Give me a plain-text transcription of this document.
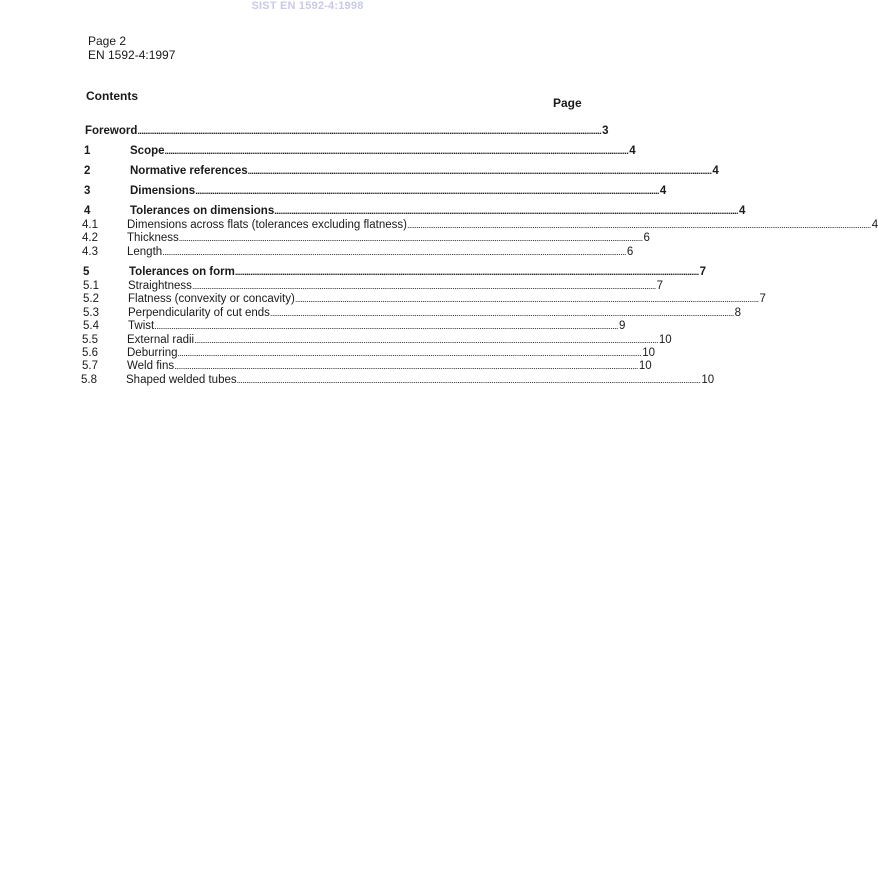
SIST EN 1592-4:1998
Page 2
EN 1592-4:1997
Contents	Page
Foreword .................................................................................................................................................................................................................................................... 3
1	Scope .................................................................................................................................................................................................................................................... 4
2	Normative references .................................................................................................................................................................................................................................................... 4
3	Dimensions .................................................................................................................................................................................................................................................... 4
4	Tolerances on dimensions .................................................................................................................................................................................................................................................... 4
4.1	Dimensions across flats (tolerances excluding flatness) .................................................................................................................................................................................................................................................... 4
4.2	Thickness .................................................................................................................................................................................................................................................... 6
4.3	Length .................................................................................................................................................................................................................................................... 6
5	Tolerances on form .................................................................................................................................................................................................................................................... 7
5.1	Straightness .................................................................................................................................................................................................................................................... 7
5.2	Flatness (convexity or concavity) .................................................................................................................................................................................................................................................... 7
5.3	Perpendicularity of cut ends .................................................................................................................................................................................................................................................... 8
5.4	Twist .................................................................................................................................................................................................................................................... 9
5.5	External radii .................................................................................................................................................................................................................................................... 10
5.6	Deburring .................................................................................................................................................................................................................................................... 10
5.7	Weld fins .................................................................................................................................................................................................................................................... 10
5.8	Shaped welded tubes .................................................................................................................................................................................................................................................... 10
